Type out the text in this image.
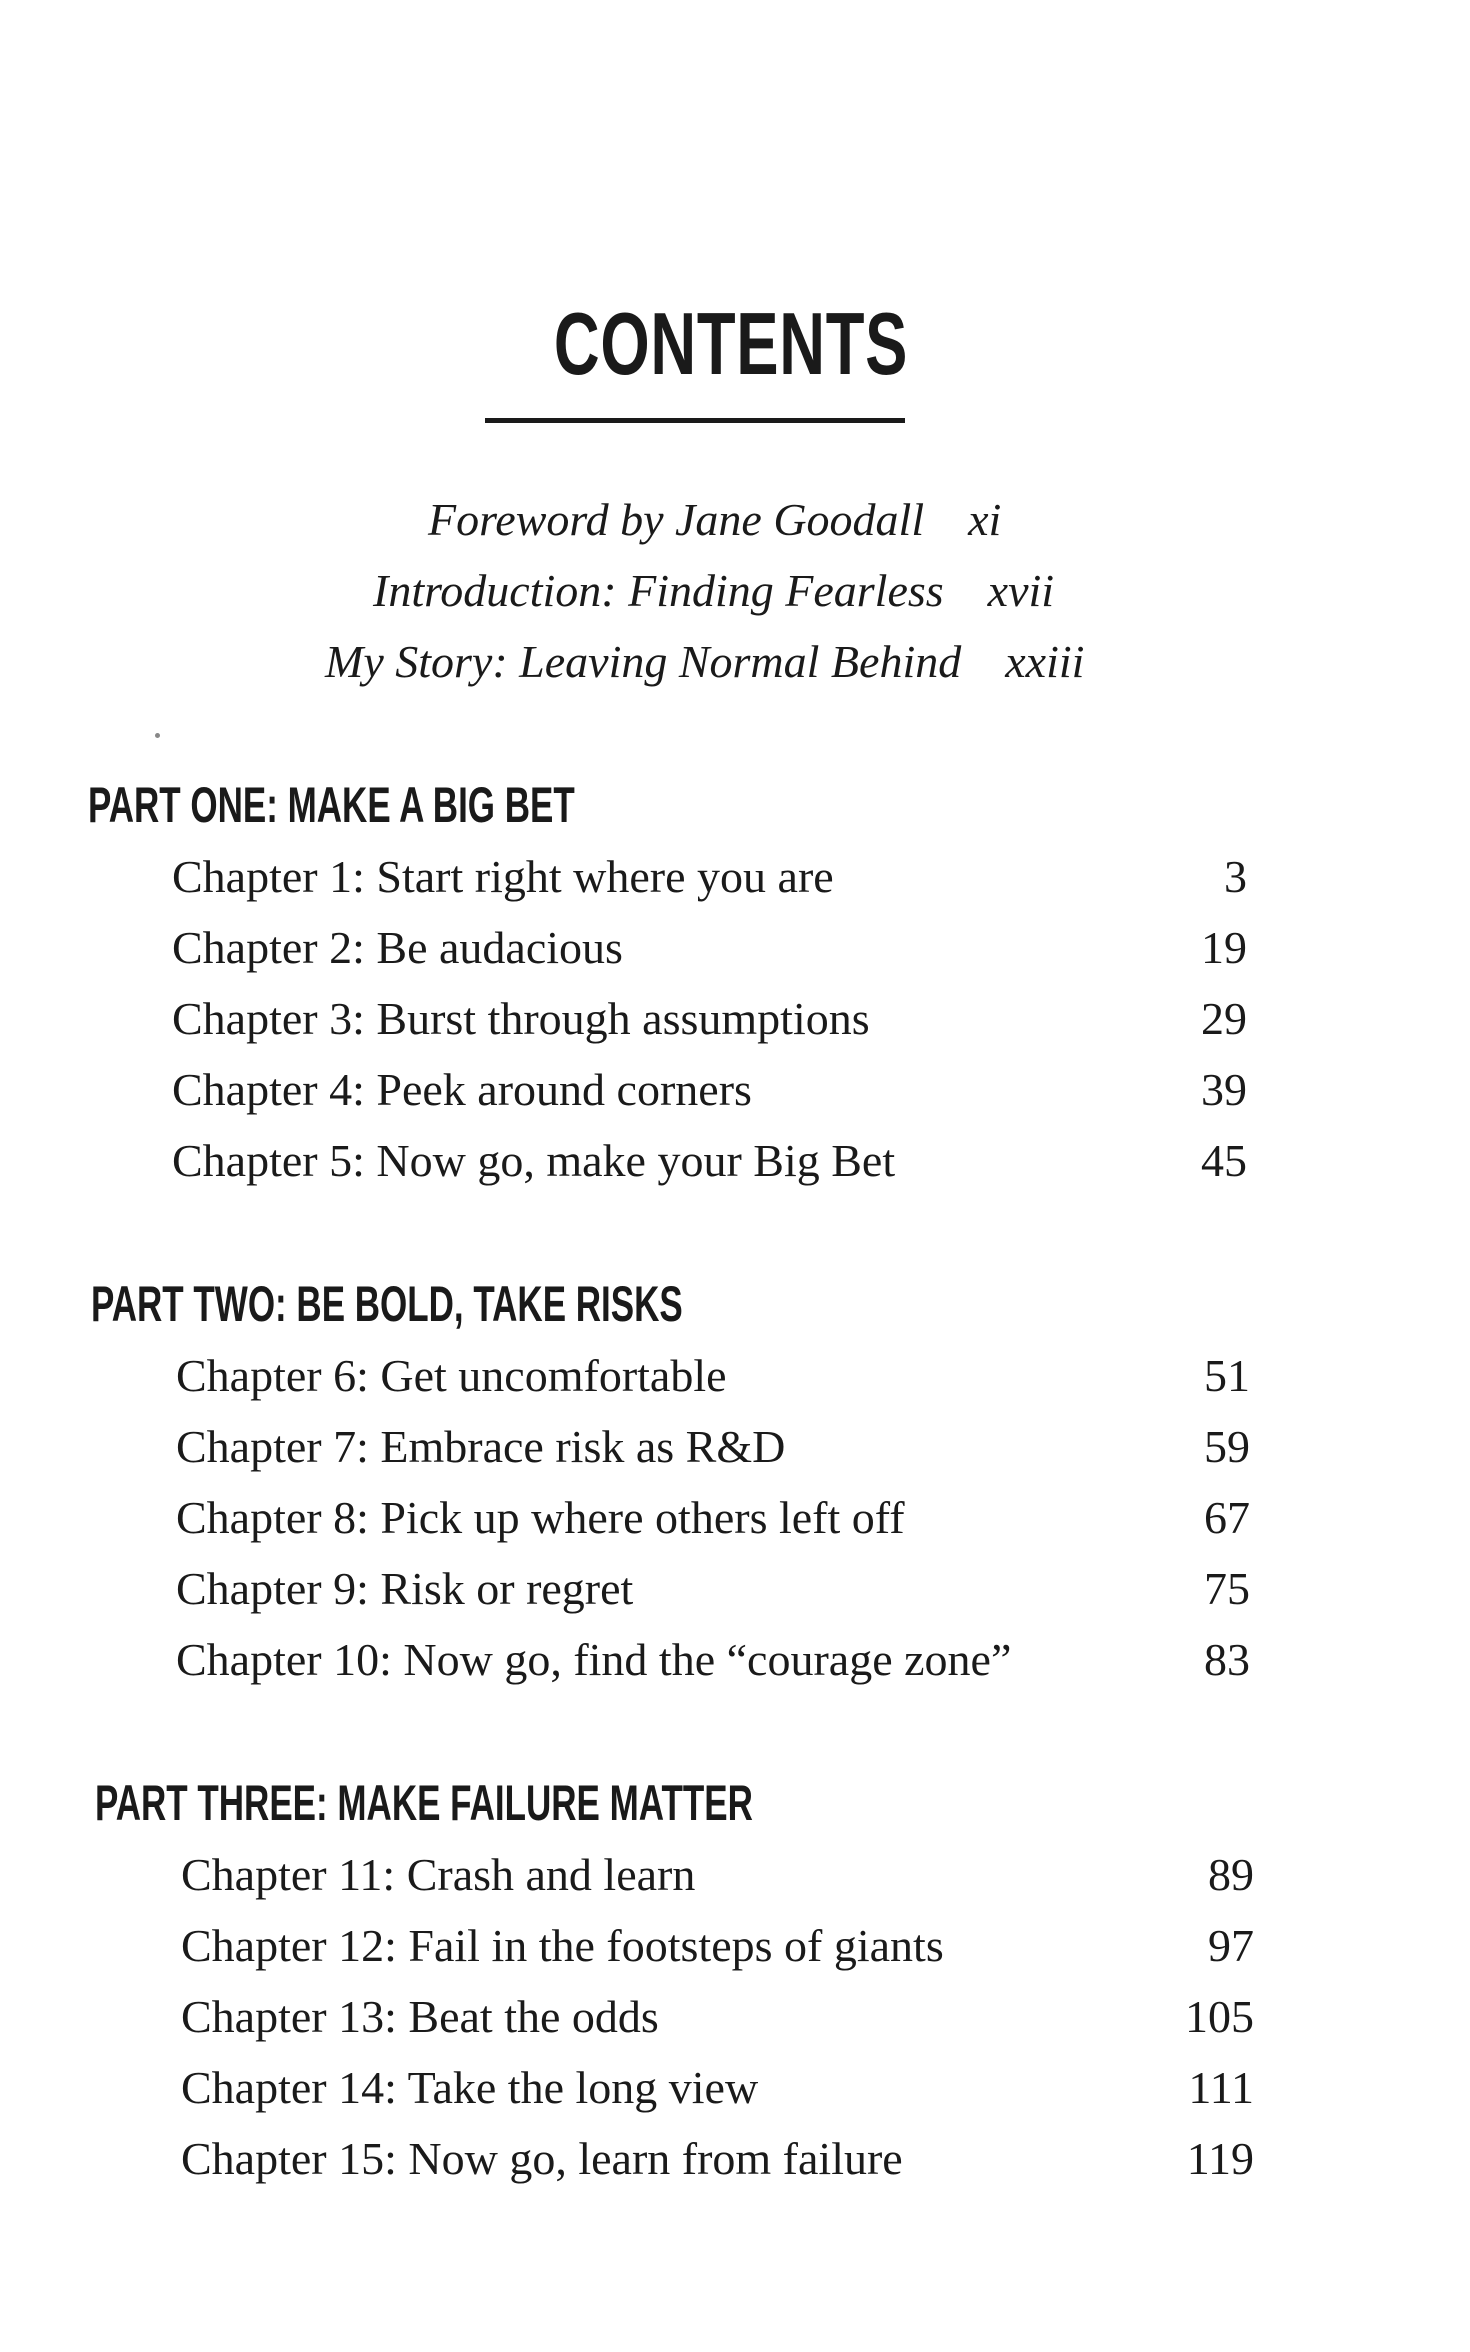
CONTENTS
Foreword by Jane Goodall xi
Introduction: Finding Fearless xvii
My Story: Leaving Normal Behind xxiii
PART ONE: MAKE A BIG BET
Chapter 1: Start right where you are	3
Chapter 2: Be audacious	19
Chapter 3: Burst through assumptions	29
Chapter 4: Peek around corners	39
Chapter 5: Now go, make your Big Bet	45
PART TWO: BE BOLD, TAKE RISKS
Chapter 6: Get uncomfortable	51
Chapter 7: Embrace risk as R&D	59
Chapter 8: Pick up where others left off	67
Chapter 9: Risk or regret	75
Chapter 10: Now go, find the “courage zone”	83
PART THREE: MAKE FAILURE MATTER
Chapter 11: Crash and learn	89
Chapter 12: Fail in the footsteps of giants	97
Chapter 13: Beat the odds	105
Chapter 14: Take the long view	111
Chapter 15: Now go, learn from failure	119
